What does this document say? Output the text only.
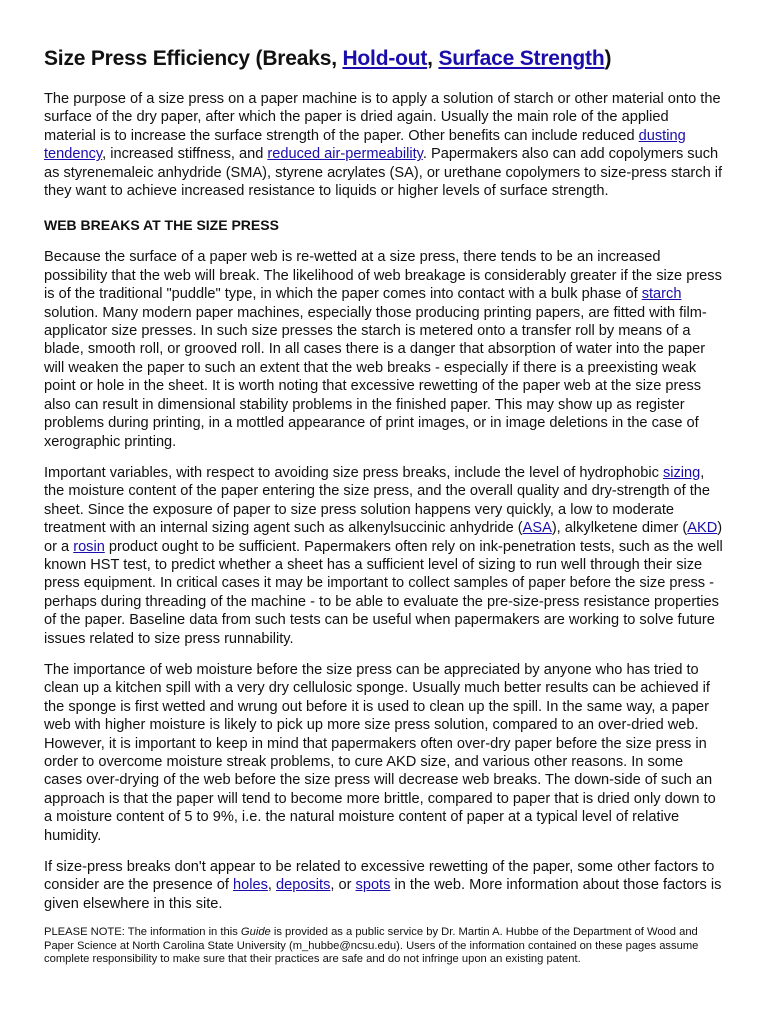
Size Press Efficiency (Breaks, Hold-out, Surface Strength)

The purpose of a size press on a paper machine is to apply a solution of starch or other material onto the surface of the dry paper, after which the paper is dried again. Usually the main role of the applied material is to increase the surface strength of the paper. Other benefits can include reduced dusting tendency, increased stiffness, and reduced air-permeability. Papermakers also can add copolymers such as styrenemaleic anhydride (SMA), styrene acrylates (SA), or urethane copolymers to size-press starch if they want to achieve increased resistance to liquids or higher levels of surface strength.

WEB BREAKS AT THE SIZE PRESS

Because the surface of a paper web is re-wetted at a size press, there tends to be an increased possibility that the web will break. The likelihood of web breakage is considerably greater if the size press is of the traditional "puddle" type, in which the paper comes into contact with a bulk phase of starch solution. Many modern paper machines, especially those producing printing papers, are fitted with film-applicator size presses. In such size presses the starch is metered onto a transfer roll by means of a blade, smooth roll, or grooved roll. In all cases there is a danger that absorption of water into the paper will weaken the paper to such an extent that the web breaks - especially if there is a preexisting weak point or hole in the sheet. It is worth noting that excessive rewetting of the paper web at the size press also can result in dimensional stability problems in the finished paper. This may show up as register problems during printing, in a mottled appearance of print images, or in image deletions in the case of xerographic printing.

Important variables, with respect to avoiding size press breaks, include the level of hydrophobic sizing, the moisture content of the paper entering the size press, and the overall quality and dry-strength of the sheet. Since the exposure of paper to size press solution happens very quickly, a low to moderate treatment with an internal sizing agent such as alkenylsuccinic anhydride (ASA), alkylketene dimer (AKD) or a rosin product ought to be sufficient. Papermakers often rely on ink-penetration tests, such as the well known HST test, to predict whether a sheet has a sufficient level of sizing to run well through their size press equipment. In critical cases it may be important to collect samples of paper before the size press - perhaps during threading of the machine - to be able to evaluate the pre-size-press resistance properties of the paper. Baseline data from such tests can be useful when papermakers are working to solve future issues related to size press runnability.

The importance of web moisture before the size press can be appreciated by anyone who has tried to clean up a kitchen spill with a very dry cellulosic sponge. Usually much better results can be achieved if the sponge is first wetted and wrung out before it is used to clean up the spill. In the same way, a paper web with higher moisture is likely to pick up more size press solution, compared to an over-dried web. However, it is important to keep in mind that papermakers often over-dry paper before the size press in order to overcome moisture streak problems, to cure AKD size, and various other reasons. In some cases over-drying of the web before the size press will decrease web breaks. The down-side of such an approach is that the paper will tend to become more brittle, compared to paper that is dried only down to a moisture content of 5 to 9%, i.e. the natural moisture content of paper at a typical level of relative humidity.

If size-press breaks don't appear to be related to excessive rewetting of the paper, some other factors to consider are the presence of holes, deposits, or spots in the web. More information about those factors is given elsewhere in this site.

PLEASE NOTE: The information in this Guide is provided as a public service by Dr. Martin A. Hubbe of the Department of Wood and Paper Science at North Carolina State University (m_hubbe@ncsu.edu). Users of the information contained on these pages assume complete responsibility to make sure that their practices are safe and do not infringe upon an existing patent.
